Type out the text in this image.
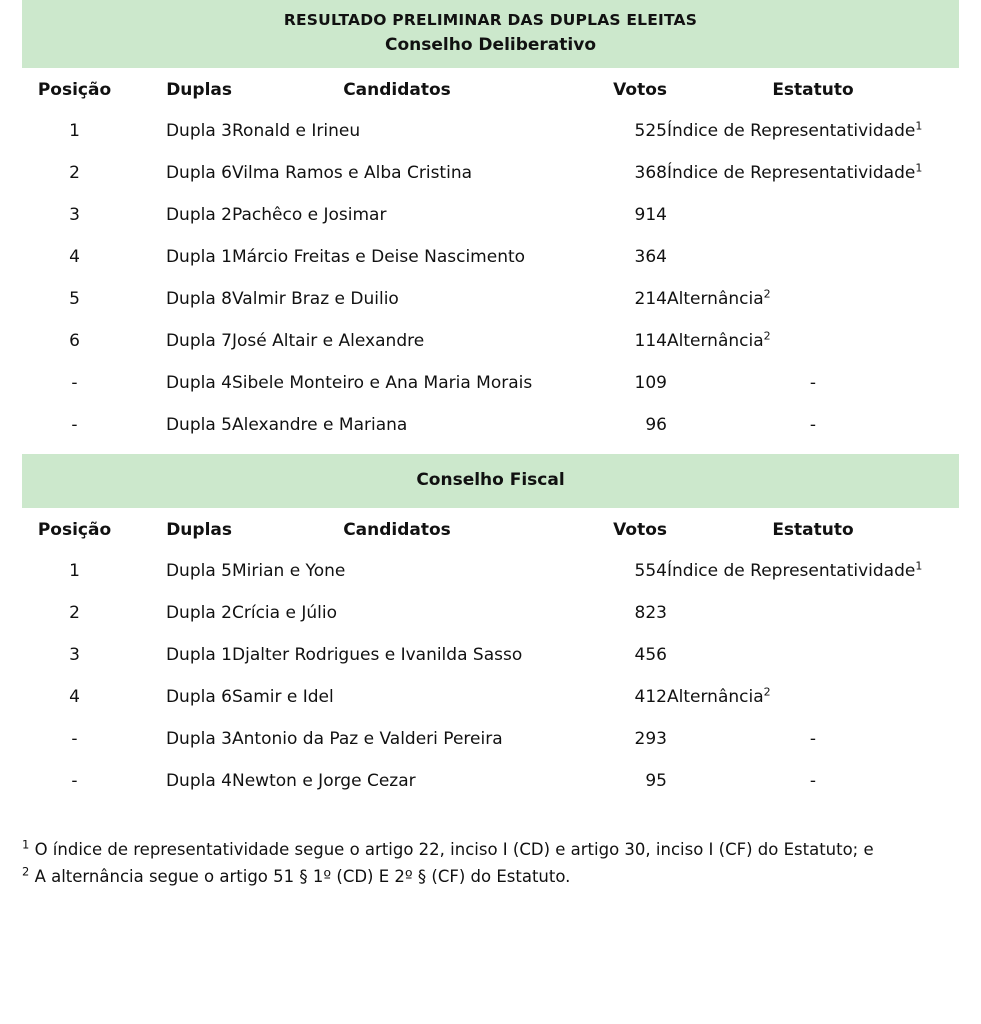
RESULTADO PRELIMINAR DAS DUPLAS ELEITAS
Conselho Deliberativo
Posição	Duplas	Candidatos	Votos	Estatuto
1	Dupla 3	Ronald e Irineu	525	Índice de Representatividade$^1$
2	Dupla 6	Vilma Ramos e Alba Cristina	368	Índice de Representatividade$^1$
3	Dupla 2	Pachêco e Josimar	914	
4	Dupla 1	Márcio Freitas e Deise Nascimento	364	
5	Dupla 8	Valmir Braz e Duilio	214	Alternância$^2$
6	Dupla 7	José Altair e Alexandre	114	Alternância$^2$
-	Dupla 4	Sibele Monteiro e Ana Maria Morais	109	-
-	Dupla 5	Alexandre e Mariana	96	-
Conselho Fiscal
Posição	Duplas	Candidatos	Votos	Estatuto
1	Dupla 5	Mirian e Yone	554	Índice de Representatividade$^1$
2	Dupla 2	Crícia e Júlio	823	
3	Dupla 1	Djalter Rodrigues e Ivanilda Sasso	456	
4	Dupla 6	Samir e Idel	412	Alternância$^2$
-	Dupla 3	Antonio da Paz e Valderi Pereira	293	-
-	Dupla 4	Newton e Jorge Cezar	95	-
$^1$ O índice de representatividade segue o artigo 22, inciso I (CD) e artigo 30, inciso I (CF) do Estatuto; e
$^2$ A alternância segue o artigo 51 § 1º (CD) E 2º § (CF) do Estatuto.
